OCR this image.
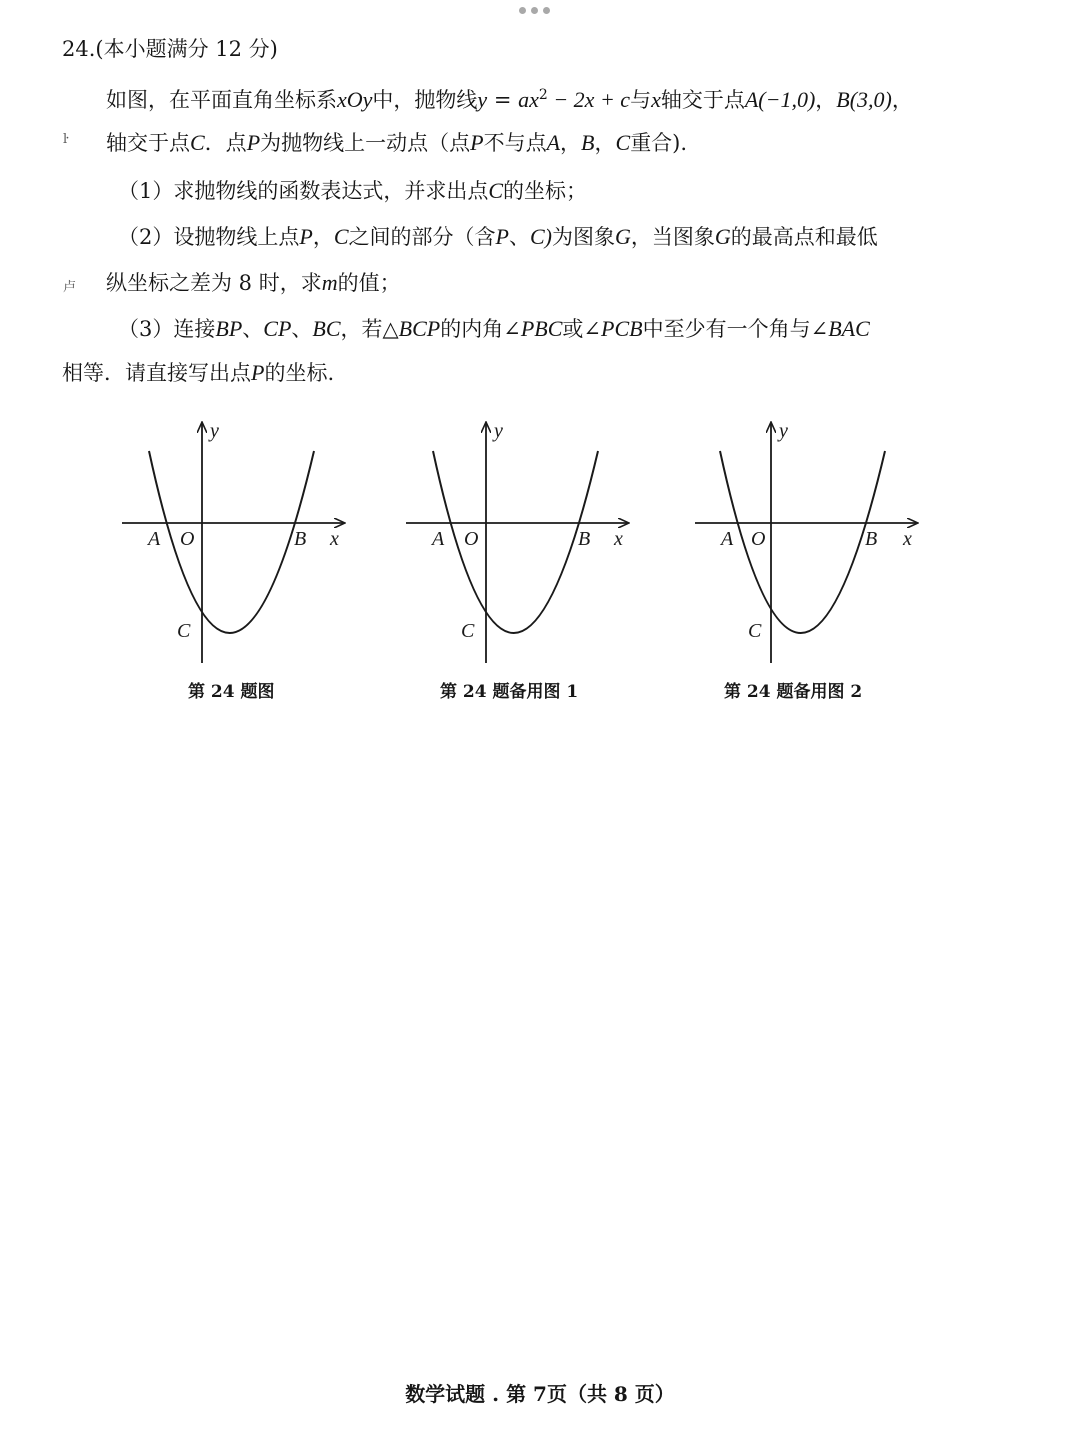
24.(本小题满分 12 分)
如图，在平面直角坐标系xOy中，抛物线$y = ax^2 - 2x + c$与x轴交于点A(−1,0)，B(3,0)，
ŀ 轴交于点C．点P为抛物线上一动点（点P不与点A，B，C重合).
（1）求抛物线的函数表达式，并求出点C的坐标；
（2）设抛物线上点P，C之间的部分（含P、C)为图象G，当图象G的最高点和最低
卢 纵坐标之差为 8 时，求m的值；
（3）连接BP、CP、BC，若△BCP的内角∠PBC或∠PCB中至少有一个角与∠BAC
相等．请直接写出点P的坐标.
y
x
A O	B
C
第 24 题图
y
x
A O	B
C
第 24 题备用图 1
y
x
A O	B
C
第 24 题备用图 2
数学试题 . 第 7页（共 8 页）
